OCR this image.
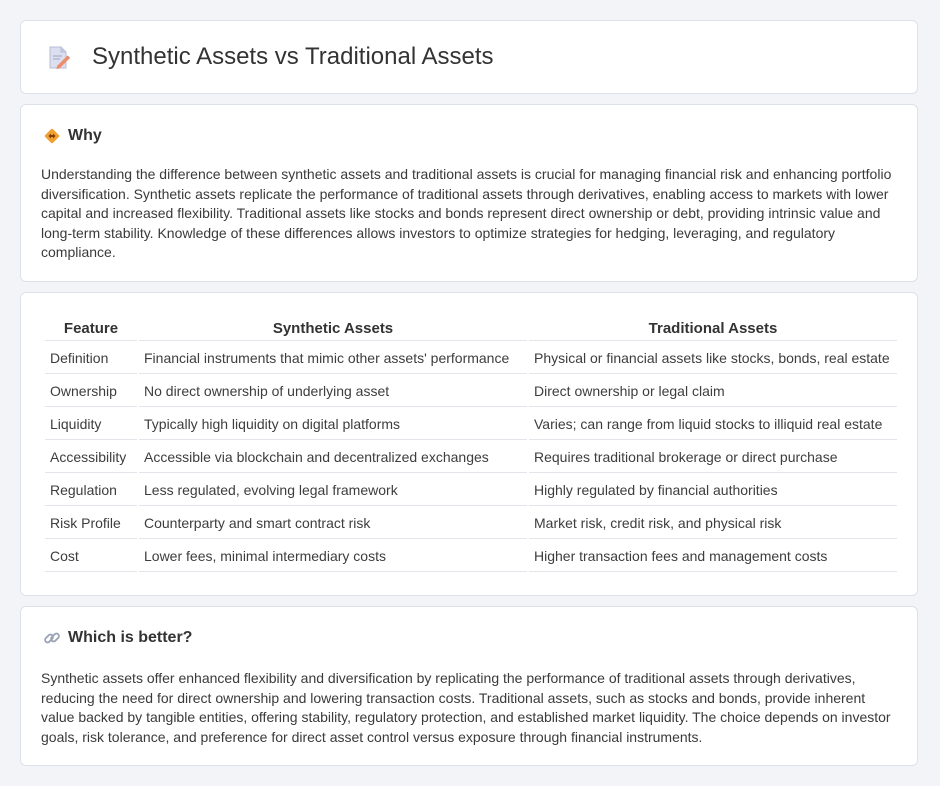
Synthetic Assets vs Traditional Assets
Why

Understanding the difference between synthetic assets and traditional assets is crucial for managing financial risk and enhancing portfolio diversification. Synthetic assets replicate the performance of traditional assets through derivatives, enabling access to markets with lower capital and increased flexibility. Traditional assets like stocks and bonds represent direct ownership or debt, providing intrinsic value and long-term stability. Knowledge of these differences allows investors to optimize strategies for hedging, leveraging, and regulatory compliance.

Feature	Synthetic Assets	Traditional Assets
Definition	Financial instruments that mimic other assets' performance	Physical or financial assets like stocks, bonds, real estate
Ownership	No direct ownership of underlying asset	Direct ownership or legal claim
Liquidity	Typically high liquidity on digital platforms	Varies; can range from liquid stocks to illiquid real estate
Accessibility	Accessible via blockchain and decentralized exchanges	Requires traditional brokerage or direct purchase
Regulation	Less regulated, evolving legal framework	Highly regulated by financial authorities
Risk Profile	Counterparty and smart contract risk	Market risk, credit risk, and physical risk
Cost	Lower fees, minimal intermediary costs	Higher transaction fees and management costs
Which is better?

Synthetic assets offer enhanced flexibility and diversification by replicating the performance of traditional assets through derivatives, reducing the need for direct ownership and lowering transaction costs. Traditional assets, such as stocks and bonds, provide inherent value backed by tangible entities, offering stability, regulatory protection, and established market liquidity. The choice depends on investor goals, risk tolerance, and preference for direct asset control versus exposure through financial instruments.
